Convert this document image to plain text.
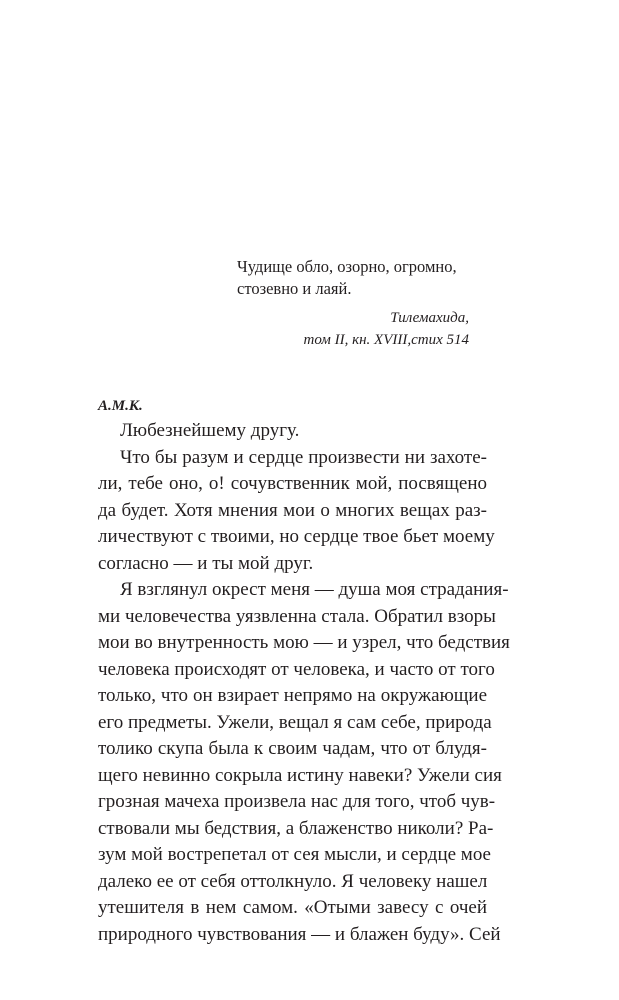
Чудище обло, озорно, огромно,
стозевно и лаяй.
Тилемахида,
том II, кн. XVIII,стих 514
А.М.К.
Любезнейшему другу.
Что бы разум и сердце произвести ни захоте-
ли, тебе оно, о! сочувственник мой, посвящено
да будет. Хотя мнения мои о многих вещах раз-
личествуют с твоими, но сердце твое бьет моему
согласно — и ты мой друг.
Я взглянул окрест меня — душа моя страдания-
ми человечества уязвленна стала. Обратил взоры
мои во внутренность мою — и узрел, что бедствия
человека происходят от человека, и часто от того
только, что он взирает непрямо на окружающие
его предметы. Ужели, вещал я сам себе, природа
толико скупа была к своим чадам, что от блудя-
щего невинно сокрыла истину навеки? Ужели сия
грозная мачеха произвела нас для того, чтоб чув-
ствовали мы бедствия, а блаженство николи? Ра-
зум мой вострепетал от сея мысли, и сердце мое
далеко ее от себя оттолкнуло. Я человеку нашел
утешителя в нем самом. «Отыми завесу с очей
природного чувствования — и блажен буду». Сей
